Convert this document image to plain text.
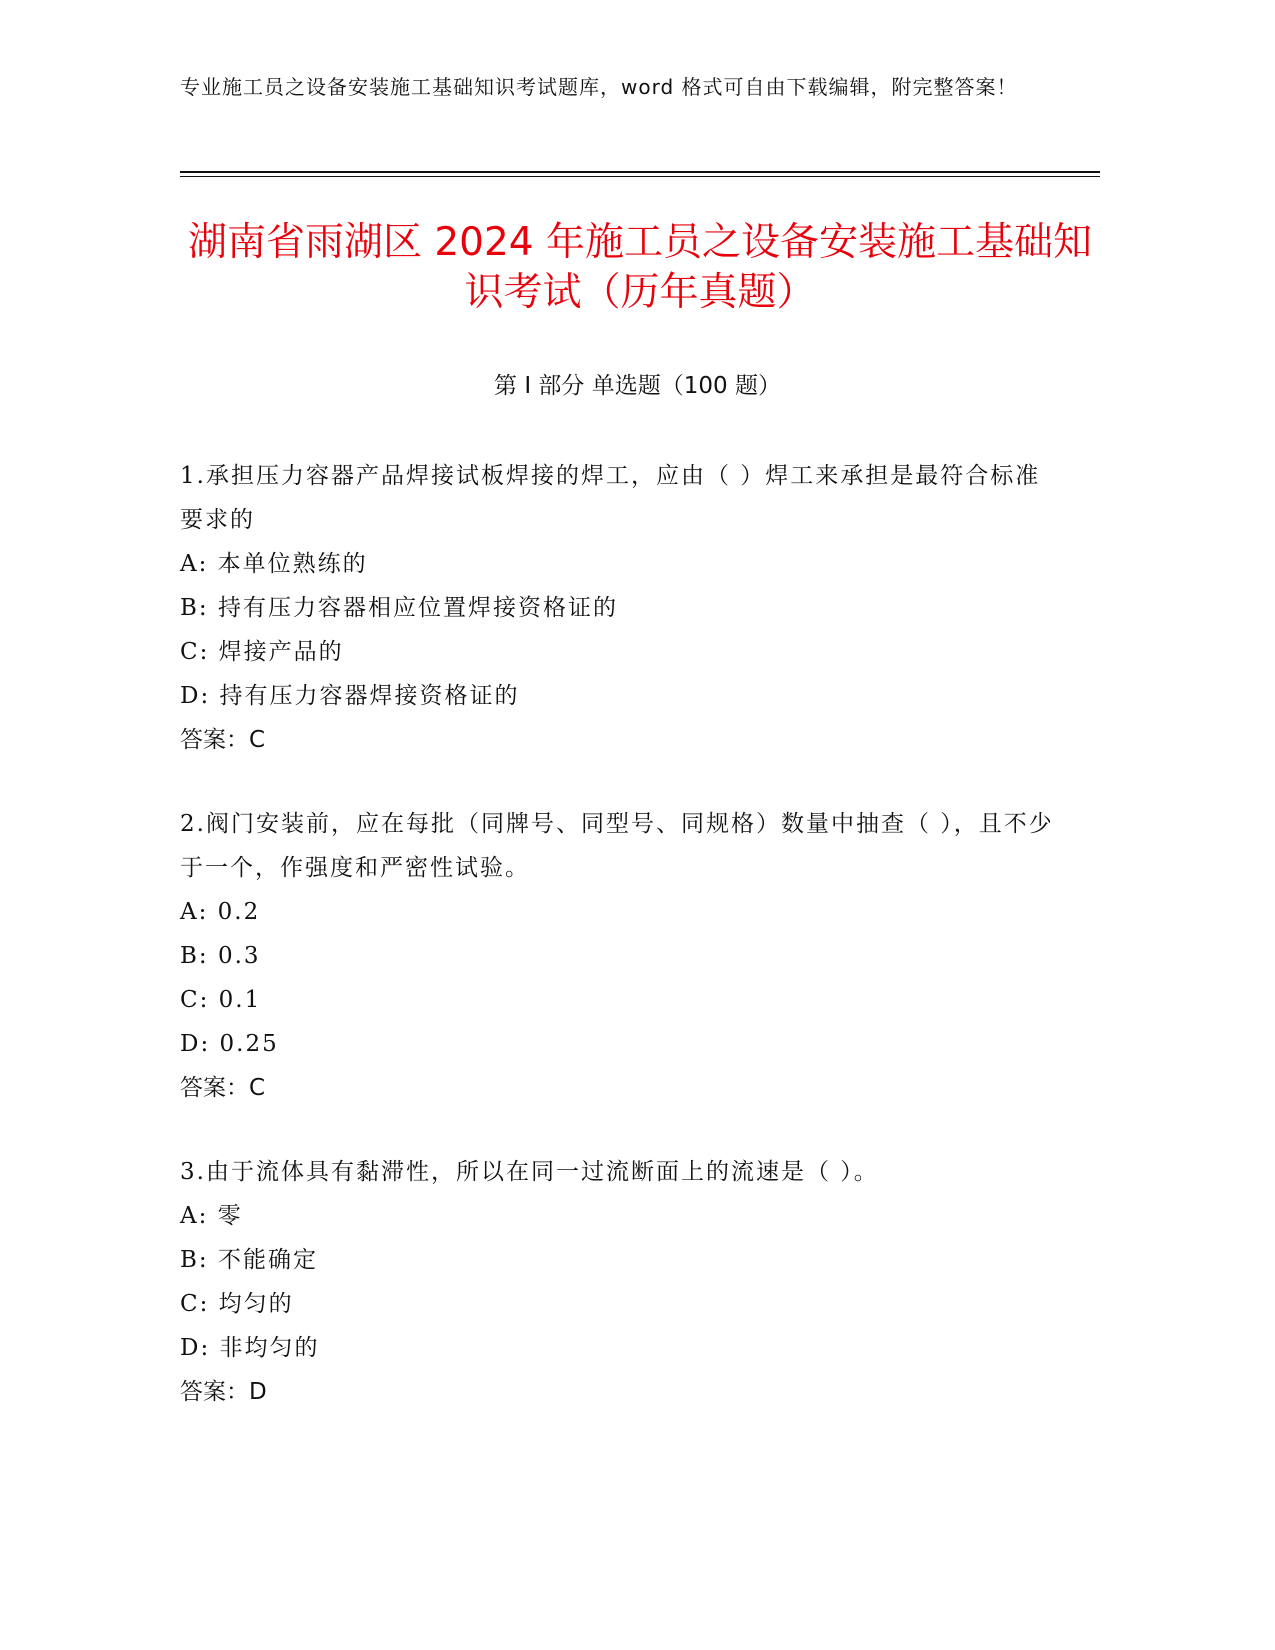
专业施工员之设备安装施工基础知识考试题库，word 格式可自由下载编辑，附完整答案！
湖南省雨湖区 2024 年施工员之设备安装施工基础知识考试（历年真题）
第 I 部分 单选题（100 题）
1.承担压力容器产品焊接试板焊接的焊工，应由（ ）焊工来承担是最符合标准要求的
A: 本单位熟练的
B: 持有压力容器相应位置焊接资格证的
C: 焊接产品的
D: 持有压力容器焊接资格证的
答案：C
2.阀门安装前，应在每批（同牌号、同型号、同规格）数量中抽查（ ），且不少于一个，作强度和严密性试验。
A: 0.2
B: 0.3
C: 0.1
D: 0.25
答案：C
3.由于流体具有黏滞性，所以在同一过流断面上的流速是（ ）。
A: 零
B: 不能确定
C: 均匀的
D: 非均匀的
答案：D
